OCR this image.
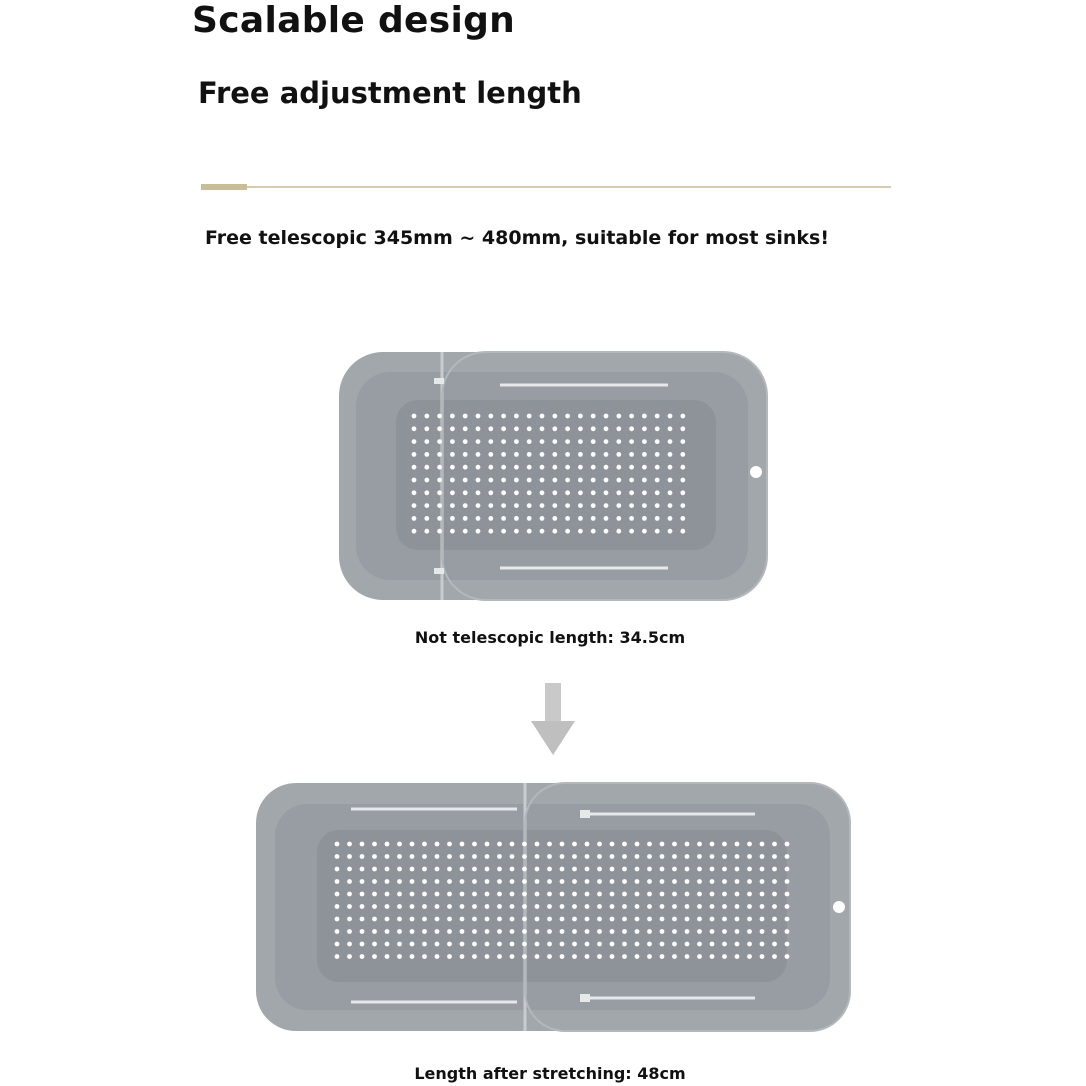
Scalable design
Free adjustment length
Free telescopic 345mm ~ 480mm, suitable for most sinks!
Not telescopic length: 34.5cm
Length after stretching: 48cm
